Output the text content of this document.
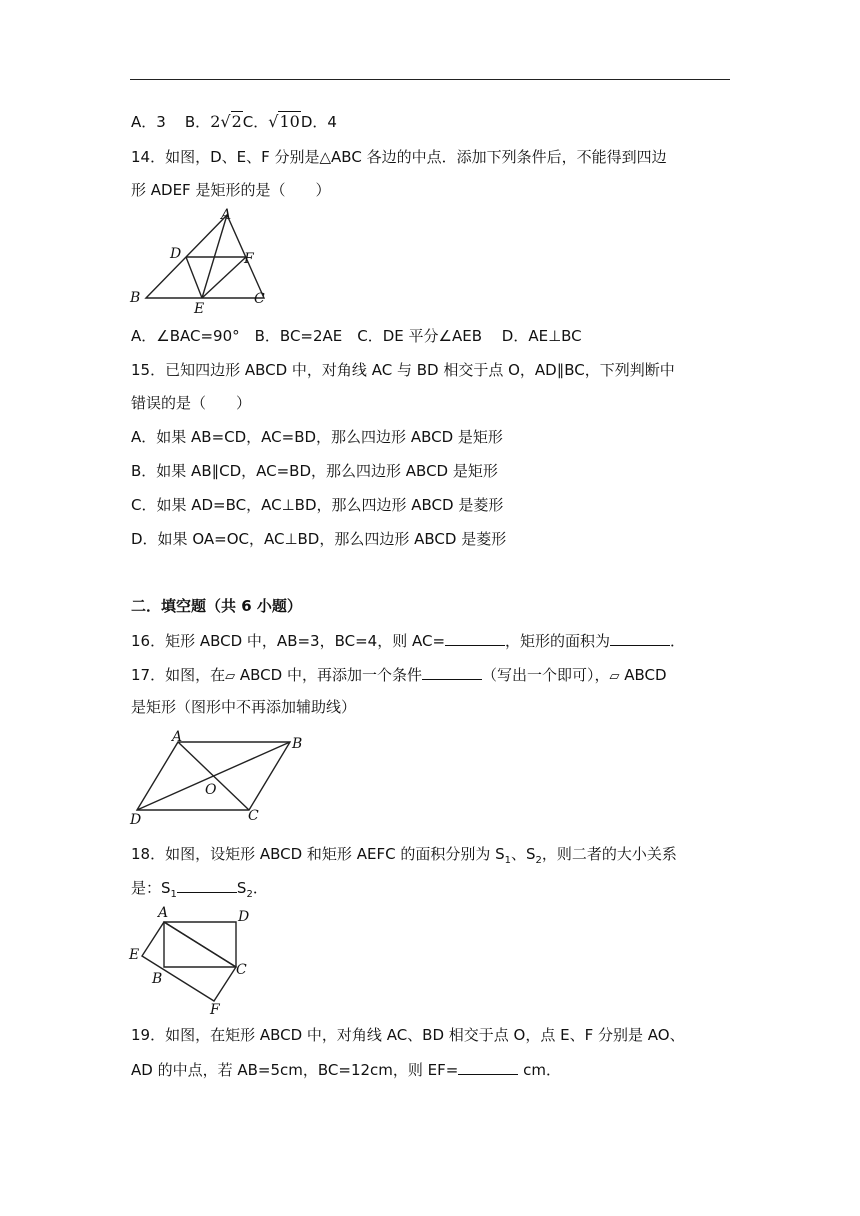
A．3 B．2√2C．√10D．4
14．如图，D、E、F 分别是△ABC 各边的中点．添加下列条件后，不能得到四边
形 ADEF 是矩形的是（　　）
A
D	F
B
E
C
A．∠BAC=90°　B．BC=2AE　C．DE 平分∠AEB　 D．AE⊥BC
15．已知四边形 ABCD 中，对角线 AC 与 BD 相交于点 O，AD∥BC，下列判断中
错误的是（　　）
A．如果 AB=CD，AC=BD，那么四边形 ABCD 是矩形
B．如果 AB∥CD，AC=BD，那么四边形 ABCD 是矩形
C．如果 AD=BC，AC⊥BD，那么四边形 ABCD 是菱形
D．如果 OA=OC，AC⊥BD，那么四边形 ABCD 是菱形
二．填空题（共 6 小题）
16．矩形 ABCD 中，AB=3，BC=4，则 AC=	，矩形的面积为	．
17．如图，在▱ ABCD 中，再添加一个条件	（写出一个即可），▱ ABCD
是矩形（图形中不再添加辅助线）
A	B
O
D	C
18．如图，设矩形 ABCD 和矩形 AEFC 的面积分别为 $S_1$、$S_2$，则二者的大小关系
是：$S_1$	$S_2$．
A	D
E
B
C
F
19．如图，在矩形 ABCD 中，对角线 AC、BD 相交于点 O，点 E、F 分别是 AO、
AD 的中点，若 AB=5cm，BC=12cm，则 EF=	cm．
